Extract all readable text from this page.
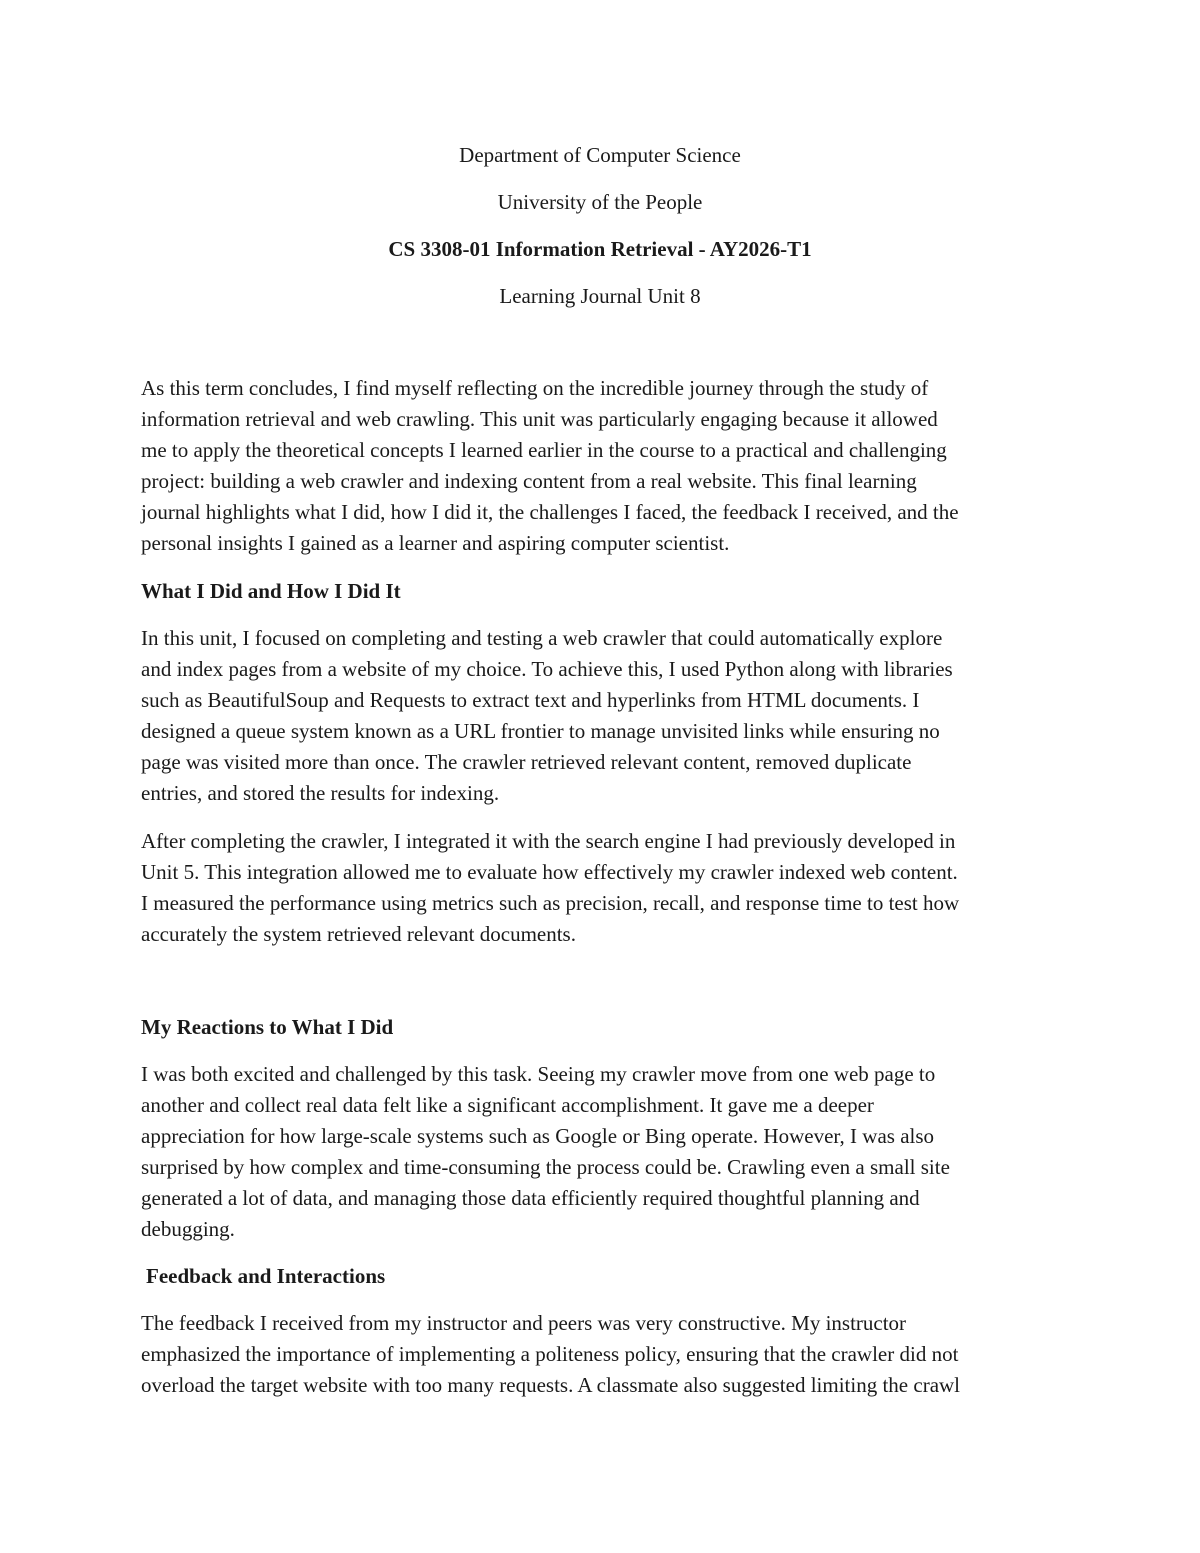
Department of Computer Science

University of the People

CS 3308-01 Information Retrieval - AY2026-T1

Learning Journal Unit 8

As this term concludes, I find myself reflecting on the incredible journey through the study of
information retrieval and web crawling. This unit was particularly engaging because it allowed
me to apply the theoretical concepts I learned earlier in the course to a practical and challenging
project: building a web crawler and indexing content from a real website. This final learning
journal highlights what I did, how I did it, the challenges I faced, the feedback I received, and the
personal insights I gained as a learner and aspiring computer scientist.

What I Did and How I Did It

In this unit, I focused on completing and testing a web crawler that could automatically explore
and index pages from a website of my choice. To achieve this, I used Python along with libraries
such as BeautifulSoup and Requests to extract text and hyperlinks from HTML documents. I
designed a queue system known as a URL frontier to manage unvisited links while ensuring no
page was visited more than once. The crawler retrieved relevant content, removed duplicate
entries, and stored the results for indexing.
After completing the crawler, I integrated it with the search engine I had previously developed in
Unit 5. This integration allowed me to evaluate how effectively my crawler indexed web content.
I measured the performance using metrics such as precision, recall, and response time to test how
accurately the system retrieved relevant documents.

My Reactions to What I Did

I was both excited and challenged by this task. Seeing my crawler move from one web page to
another and collect real data felt like a significant accomplishment. It gave me a deeper
appreciation for how large-scale systems such as Google or Bing operate. However, I was also
surprised by how complex and time-consuming the process could be. Crawling even a small site
generated a lot of data, and managing those data efficiently required thoughtful planning and
debugging.

Feedback and Interactions

The feedback I received from my instructor and peers was very constructive. My instructor
emphasized the importance of implementing a politeness policy, ensuring that the crawler did not
overload the target website with too many requests. A classmate also suggested limiting the crawl
